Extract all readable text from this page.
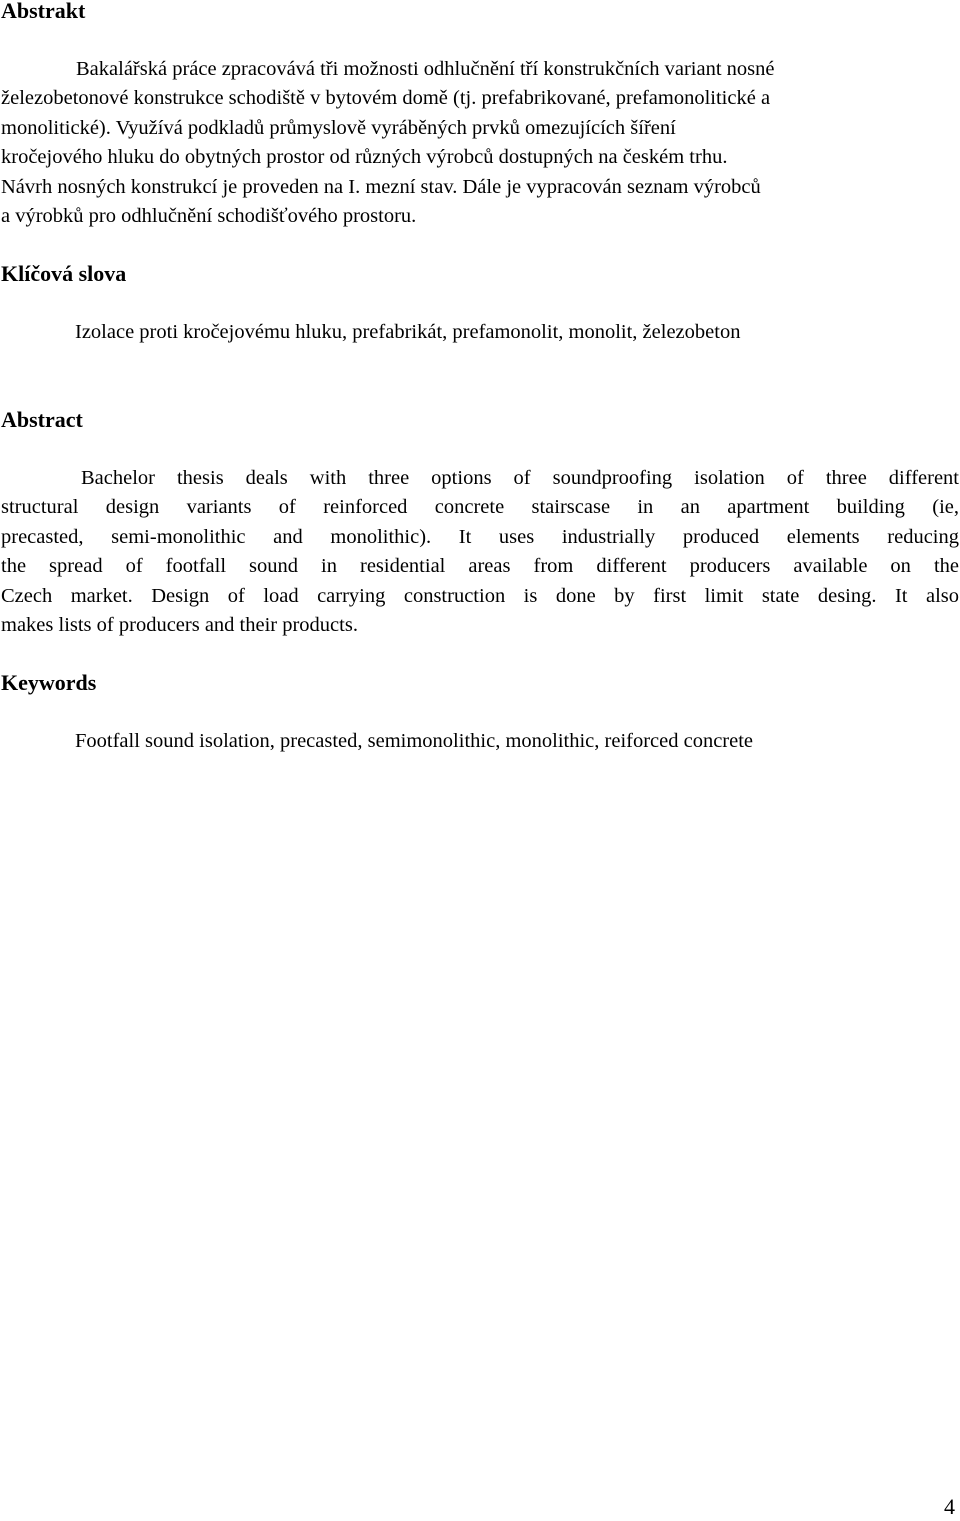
Abstrakt
Bakalářská práce zpracovává tři možnosti odhlučnění tří konstrukčních variant nosné
železobetonové konstrukce schodiště v bytovém domě (tj. prefabrikované, prefamonolitické a
monolitické). Využívá podkladů průmyslově vyráběných prvků omezujících šíření
kročejového hluku do obytných prostor od různých výrobců dostupných na českém trhu.
Návrh nosných konstrukcí je proveden na I. mezní stav. Dále je vypracován seznam výrobců
a výrobků pro odhlučnění schodišťového prostoru.
Klíčová slova

Izolace proti kročejovému hluku, prefabrikát, prefamonolit, monolit, železobeton

Abstract
Bachelor thesis deals with three options of soundproofing isolation of three different
structural design variants of reinforced concrete stairscase in an apartment building (ie,
precasted, semi-monolithic and monolithic). It uses industrially produced elements reducing
the spread of footfall sound in residential areas from different producers available on the
Czech market. Design of load carrying construction is done by first limit state desing. It also
makes lists of producers and their products.
Keywords

Footfall sound isolation, precasted, semimonolithic, monolithic, reiforced concrete

4
